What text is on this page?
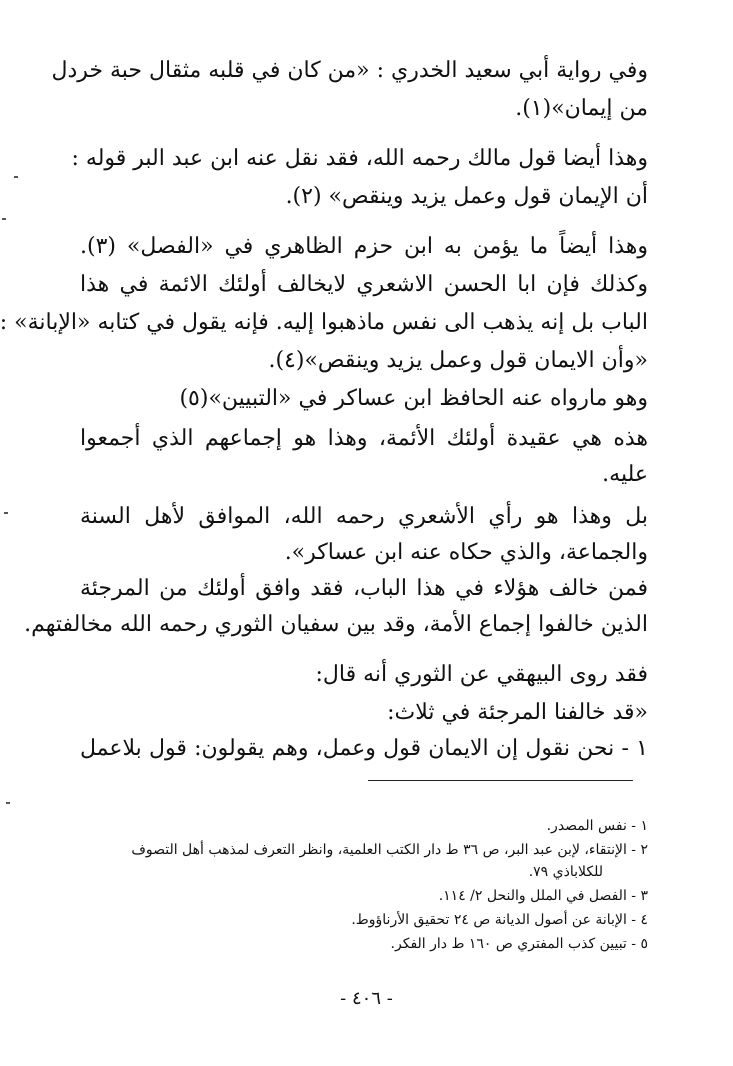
وفي رواية أبي سعيد الخدري : «من كان في قلبه مثقال حبة خردل
من إيمان»(١).
وهذا أيضا قول مالك رحمه الله، فقد نقل عنه ابن عبد البر قوله :
أن الإيمان قول وعمل يزيد وينقص» (٢).
وهذا أيضاً ما يؤمن به ابن حزم الظاهري في «الفصل» (٣).
وكذلك فإن ابا الحسن الاشعري لايخالف أولئك الائمة في هذا
الباب بل إنه يذهب الى نفس ماذهبوا إليه. فإنه يقول في كتابه «الإبانة» :
«وأن الايمان قول وعمل يزيد وينقص»(٤).
وهو مارواه عنه الحافظ ابن عساكر في «التبيين»(٥)
هذه هي عقيدة أولئك الأئمة، وهذا هو إجماعهم الذي أجمعوا
عليه.
بل وهذا هو رأي الأشعري رحمه الله، الموافق لأهل السنة
والجماعة، والذي حكاه عنه ابن عساكر».
فمن خالف هؤلاء في هذا الباب، فقد وافق أولئك من المرجئة
الذين خالفوا إجماع الأمة، وقد بين سفيان الثوري رحمه الله مخالفتهم.
فقد روى البيهقي عن الثوري أنه قال:
«قد خالفنا المرجئة في ثلاث:
١ - نحن نقول إن الايمان قول وعمل، وهم يقولون: قول بلاعمل
١ - نفس المصدر.
٢ - الإنتقاء، لإبن عبد البر، ص ٣٦ ط دار الكتب العلمية، وانظر التعرف لمذهب أهل التصوف
للكلاباذي ٧٩.
٣ - الفصل في الملل والنحل ٢/ ١١٤.
٤ - الإبانة عن أصول الديانة ص ٢٤ تحقيق الأرناؤوط.
٥ - تبيين كذب المفتري ص ١٦٠ ط دار الفكر.
- ٤٠٦ -
